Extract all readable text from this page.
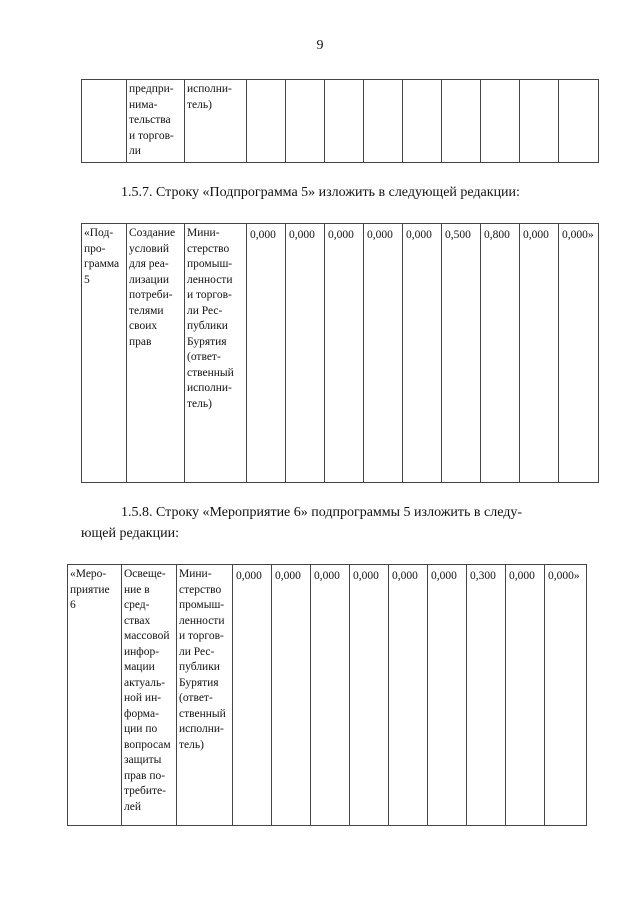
9
	предпри-
нима-
тельства
и торгов-
ли	исполни-
тель)									
1.5.7. Строку «Подпрограмма 5» изложить в следующей редакции:
«Под-
про-
грамма
5	Создание
условий
для реа-
лизации
потреби-
телями
своих
прав	Мини-
стерство
промыш-
ленности
и торгов-
ли Рес-
публики
Бурятия
(ответ-
ственный
исполни-
тель)	0,000	0,000	0,000	0,000	0,000	0,500	0,800	0,000	0,000»
1.5.8. Строку «Мероприятие 6» подпрограммы 5 изложить в следу-
ющей редакции:
«Меро-
приятие
6	Освеще-
ние в
сред-
ствах
массовой
инфор-
мации
актуаль-
ной ин-
форма-
ции по
вопросам
защиты
прав по-
требите-
лей	Мини-
стерство
промыш-
ленности
и торгов-
ли Рес-
публики
Бурятия
(ответ-
ственный
исполни-
тель)	0,000	0,000	0,000	0,000	0,000	0,000	0,300	0,000	0,000»
